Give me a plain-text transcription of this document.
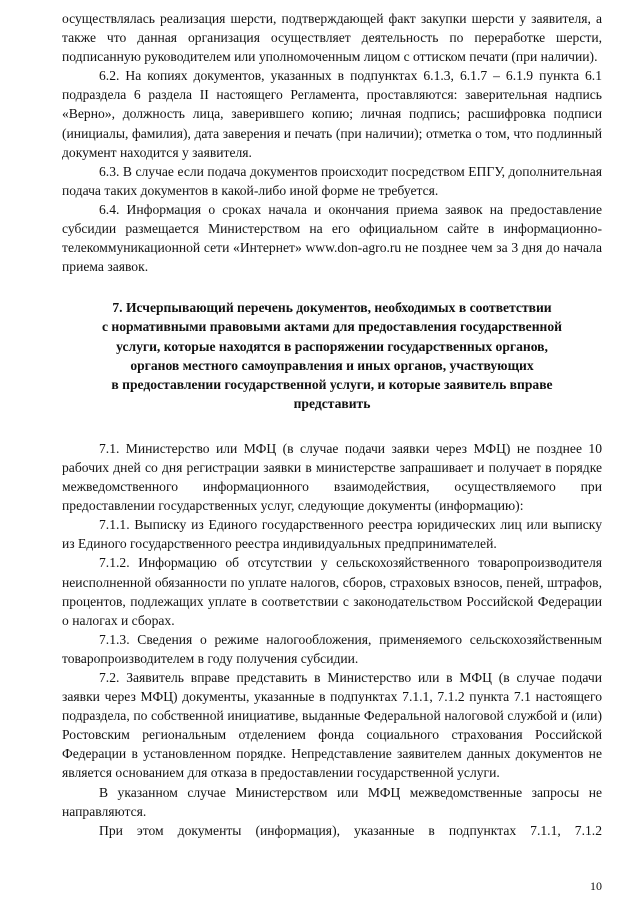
осуществлялась реализация шерсти, подтверждающей факт закупки шерсти у заявителя, а также что данная организация осуществляет деятельность по переработке шерсти, подписанную руководителем или уполномоченным лицом с оттиском печати (при наличии).

6.2. На копиях документов, указанных в подпунктах 6.1.3, 6.1.7 – 6.1.9 пункта 6.1 подраздела 6 раздела II настоящего Регламента, проставляются: заверительная надпись «Верно», должность лица, заверившего копию; личная подпись; расшифровка подписи (инициалы, фамилия), дата заверения и печать (при наличии); отметка о том, что подлинный документ находится у заявителя.

6.3. В случае если подача документов происходит посредством ЕПГУ, дополнительная подача таких документов в какой-либо иной форме не требуется.

6.4. Информация о сроках начала и окончания приема заявок на предоставление субсидии размещается Министерством на его официальном сайте в информационно-телекоммуникационной сети «Интернет» www.don-agro.ru не позднее чем за 3 дня до начала приема заявок.

7. Исчерпывающий перечень документов, необходимых в соответствии
с нормативными правовыми актами для предоставления государственной
услуги, которые находятся в распоряжении государственных органов,
органов местного самоуправления и иных органов, участвующих
в предоставлении государственной услуги, и которые заявитель вправе
представить

7.1. Министерство или МФЦ (в случае подачи заявки через МФЦ) не позднее 10 рабочих дней со дня регистрации заявки в министерстве запрашивает и получает в порядке межведомственного информационного взаимодействия, осуществляемого при предоставлении государственных услуг, следующие документы (информацию):

7.1.1. Выписку из Единого государственного реестра юридических лиц или выписку из Единого государственного реестра индивидуальных предпринимателей.

7.1.2. Информацию об отсутствии у сельскохозяйственного товаропроизводителя неисполненной обязанности по уплате налогов, сборов, страховых взносов, пеней, штрафов, процентов, подлежащих уплате в соответствии с законодательством Российской Федерации о налогах и сборах.

7.1.3. Сведения о режиме налогообложения, применяемого сельскохозяйственным товаропроизводителем в году получения субсидии.

7.2. Заявитель вправе представить в Министерство или в МФЦ (в случае подачи заявки через МФЦ) документы, указанные в подпунктах 7.1.1, 7.1.2 пункта 7.1 настоящего подраздела, по собственной инициативе, выданные Федеральной налоговой службой и (или) Ростовским региональным отделением фонда социального страхования Российской Федерации в установленном порядке. Непредставление заявителем данных документов не является основанием для отказа в предоставлении государственной услуги.

В указанном случае Министерством или МФЦ межведомственные запросы не направляются.

При этом документы (информация), указанные в подпунктах 7.1.1, 7.1.2

10
